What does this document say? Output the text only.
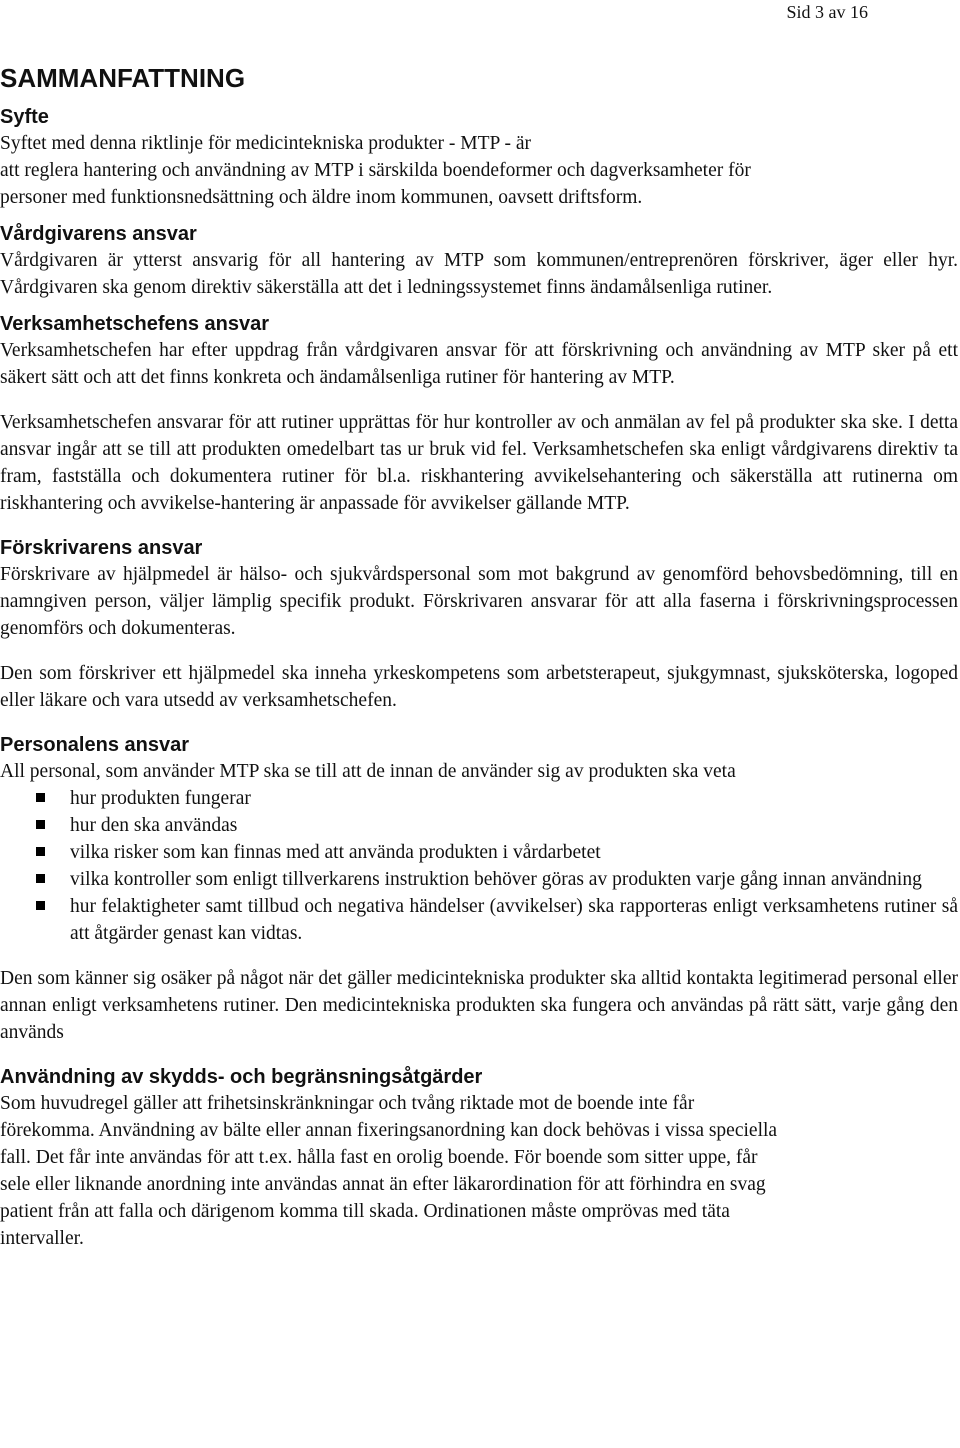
Sid 3 av 16
SAMMANFATTNING
Syfte

Syftet med denna riktlinje för medicintekniska produkter - MTP - är

att reglera hantering och användning av MTP i särskilda boendeformer och dagverksamheter för

personer med funktionsnedsättning och äldre inom kommunen, oavsett driftsform.

Vårdgivarens ansvar

Vårdgivaren är ytterst ansvarig för all hantering av MTP som kommunen/entreprenören förskriver, äger eller hyr. Vårdgivaren ska genom direktiv säkerställa att det i ledningssystemet finns ändamålsenliga rutiner.

Verksamhetschefens ansvar

Verksamhetschefen har efter uppdrag från vårdgivaren ansvar för att förskrivning och användning av MTP sker på ett säkert sätt och att det finns konkreta och ändamålsenliga rutiner för hantering av MTP.

Verksamhetschefen ansvarar för att rutiner upprättas för hur kontroller av och anmälan av fel på produkter ska ske. I detta ansvar ingår att se till att produkten omedelbart tas ur bruk vid fel. Verksamhetschefen ska enligt vårdgivarens direktiv ta fram, fastställa och dokumentera rutiner för bl.a. riskhantering avvikelsehantering och säkerställa att rutinerna om riskhantering och avvikelse-hantering är anpassade för avvikelser gällande MTP.

Förskrivarens ansvar

Förskrivare av hjälpmedel är hälso- och sjukvårdspersonal som mot bakgrund av genomförd behovsbedömning, till en namngiven person, väljer lämplig specifik produkt. Förskrivaren ansvarar för att alla faserna i förskrivningsprocessen genomförs och dokumenteras.

Den som förskriver ett hjälpmedel ska inneha yrkeskompetens som arbetsterapeut, sjukgymnast, sjuksköterska, logoped eller läkare och vara utsedd av verksamhetschefen.

Personalens ansvar

All personal, som använder MTP ska se till att de innan de använder sig av produkten ska veta

hur produkten fungerar
hur den ska användas
vilka risker som kan finnas med att använda produkten i vårdarbetet
vilka kontroller som enligt tillverkarens instruktion behöver göras av produkten varje gång innan användning
hur felaktigheter samt tillbud och negativa händelser (avvikelser) ska rapporteras enligt verksamhetens rutiner så att åtgärder genast kan vidtas.

Den som känner sig osäker på något när det gäller medicintekniska produkter ska alltid kontakta legitimerad personal eller annan enligt verksamhetens rutiner. Den medicintekniska produkten ska fungera och användas på rätt sätt, varje gång den används

Användning av skydds- och begränsningsåtgärder

Som huvudregel gäller att frihetsinskränkningar och tvång riktade mot de boende inte får

förekomma. Användning av bälte eller annan fixeringsanordning kan dock behövas i vissa speciella

fall. Det får inte användas för att t.ex. hålla fast en orolig boende. För boende som sitter uppe, får

sele eller liknande anordning inte användas annat än efter läkarordination för att förhindra en svag

patient från att falla och därigenom komma till skada. Ordinationen måste omprövas med täta

intervaller.
